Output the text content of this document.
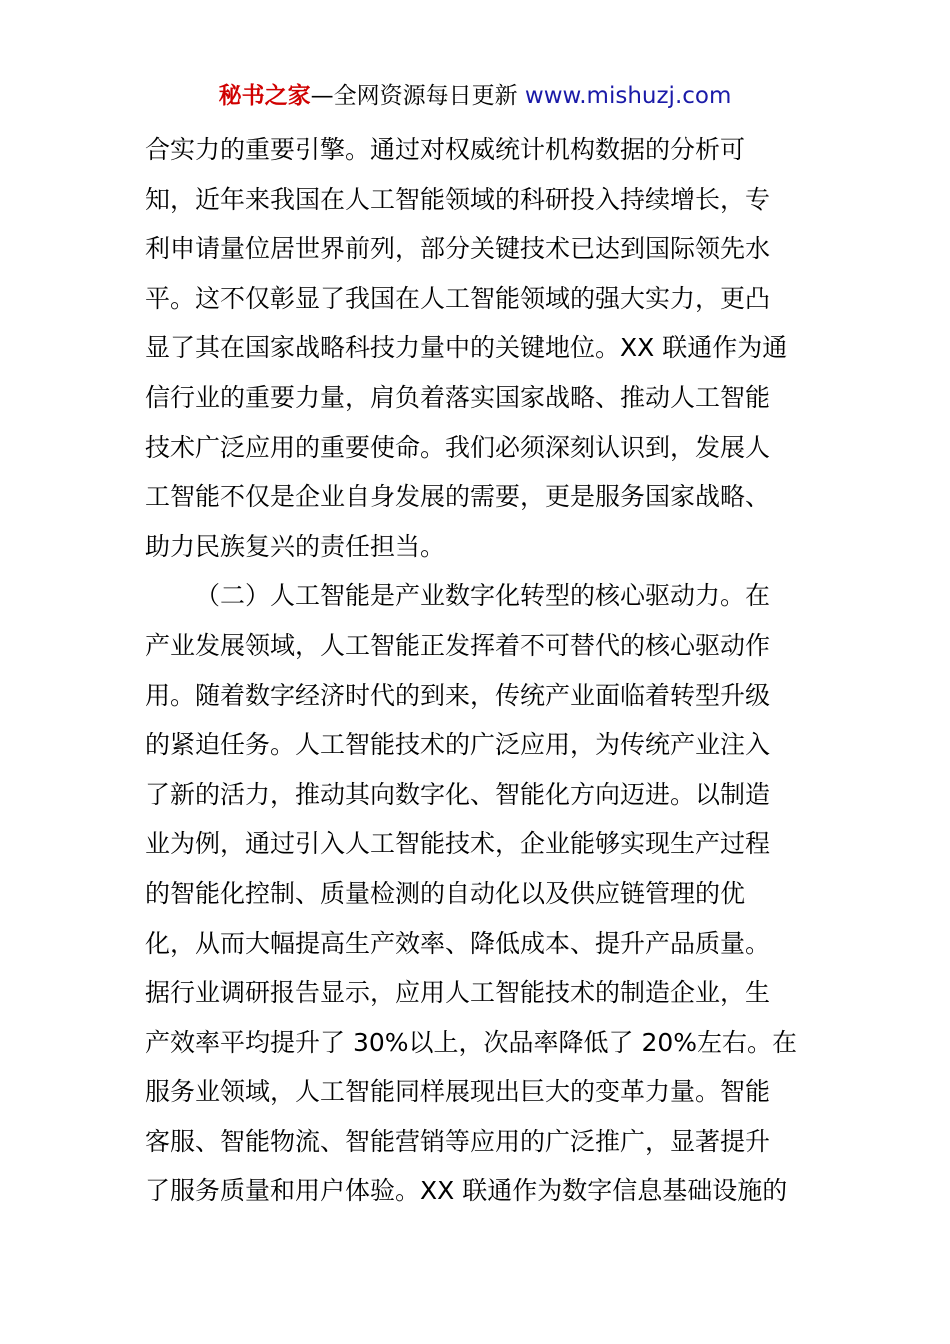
秘书之家—全网资源每日更新 www.mishuzj.com
合实力的重要引擎。通过对权威统计机构数据的分析可
知，近年来我国在人工智能领域的科研投入持续增长，专
利申请量位居世界前列，部分关键技术已达到国际领先水
平。这不仅彰显了我国在人工智能领域的强大实力，更凸
显了其在国家战略科技力量中的关键地位。XX 联通作为通
信行业的重要力量，肩负着落实国家战略、推动人工智能
技术广泛应用的重要使命。我们必须深刻认识到，发展人
工智能不仅是企业自身发展的需要，更是服务国家战略、
助力民族复兴的责任担当。
（二）人工智能是产业数字化转型的核心驱动力。在
产业发展领域，人工智能正发挥着不可替代的核心驱动作
用。随着数字经济时代的到来，传统产业面临着转型升级
的紧迫任务。人工智能技术的广泛应用，为传统产业注入
了新的活力，推动其向数字化、智能化方向迈进。以制造
业为例，通过引入人工智能技术，企业能够实现生产过程
的智能化控制、质量检测的自动化以及供应链管理的优
化，从而大幅提高生产效率、降低成本、提升产品质量。
据行业调研报告显示，应用人工智能技术的制造企业，生
产效率平均提升了 30%以上，次品率降低了 20%左右。在
服务业领域，人工智能同样展现出巨大的变革力量。智能
客服、智能物流、智能营销等应用的广泛推广，显著提升
了服务质量和用户体验。XX 联通作为数字信息基础设施的
